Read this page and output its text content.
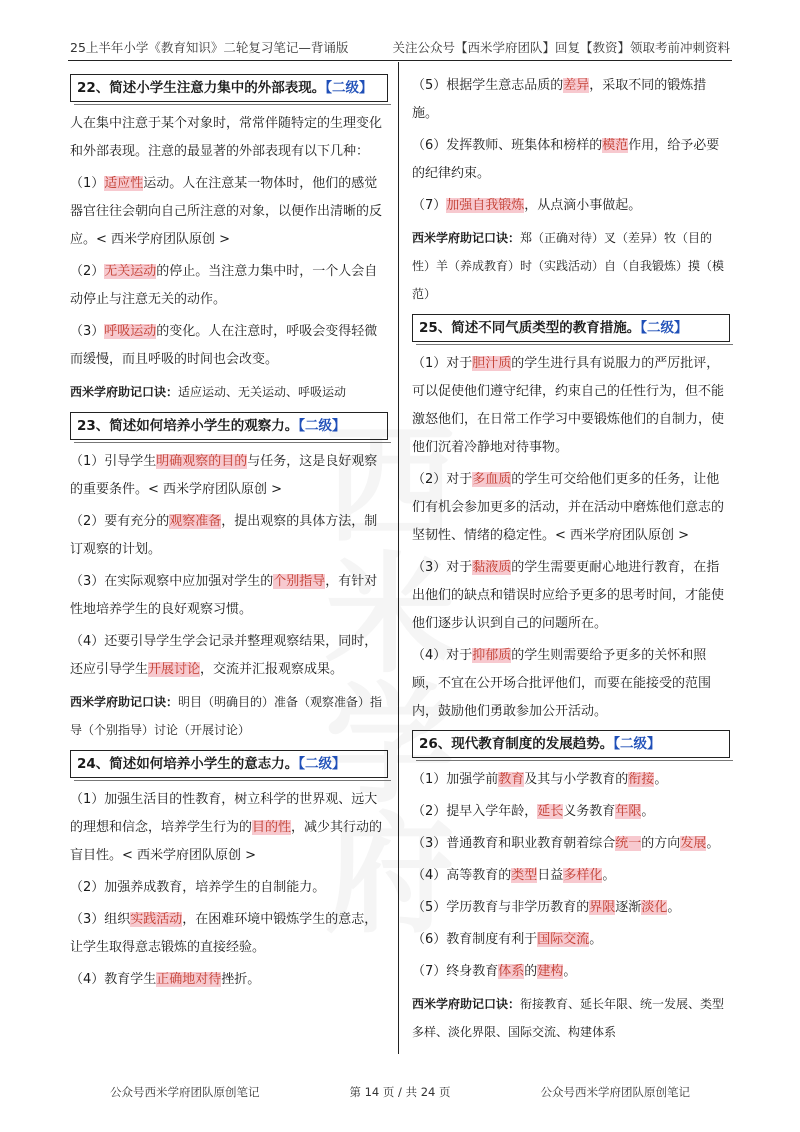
25上半年小学《教育知识》二轮复习笔记—背诵版	关注公众号【西米学府团队】回复【教资】领取考前冲刺资料
22、简述小学生注意力集中的外部表现。【二级】

人在集中注意于某个对象时，常常伴随特定的生理变化和外部表现。注意的最显著的外部表现有以下几种：

（1）适应性运动。人在注意某一物体时，他们的感觉器官往往会朝向自己所注意的对象，以便作出清晰的反应。< 西米学府团队原创 >

（2）无关运动的停止。当注意力集中时，一个人会自动停止与注意无关的动作。

（3）呼吸运动的变化。人在注意时，呼吸会变得轻微而缓慢，而且呼吸的时间也会改变。

西米学府助记口诀：适应运动、无关运动、呼吸运动
23、简述如何培养小学生的观察力。【二级】

（1）引导学生明确观察的目的与任务，这是良好观察的重要条件。< 西米学府团队原创 >

（2）要有充分的观察准备，提出观察的具体方法，制订观察的计划。

（3）在实际观察中应加强对学生的个别指导，有针对性地培养学生的良好观察习惯。

（4）还要引导学生学会记录并整理观察结果，同时，还应引导学生开展讨论，交流并汇报观察成果。

西米学府助记口诀：明目（明确目的）准备（观察准备）指导（个别指导）讨论（开展讨论）
24、简述如何培养小学生的意志力。【二级】

（1）加强生活目的性教育，树立科学的世界观、远大的理想和信念，培养学生行为的目的性，减少其行动的盲目性。< 西米学府团队原创 >

（2）加强养成教育，培养学生的自制能力。

（3）组织实践活动，在困难环境中锻炼学生的意志，让学生取得意志锻炼的直接经验。

（4）教育学生正确地对待挫折。

（5）根据学生意志品质的差异，采取不同的锻炼措施。

（6）发挥教师、班集体和榜样的模范作用，给予必要的纪律约束。

（7）加强自我锻炼，从点滴小事做起。

西米学府助记口诀：郑（正确对待）叉（差异）牧（目的性）羊（养成教育）时（实践活动）自（自我锻炼）摸（模范）
25、简述不同气质类型的教育措施。【二级】

（1）对于胆汁质的学生进行具有说服力的严厉批评，可以促使他们遵守纪律，约束自己的任性行为，但不能激怒他们，在日常工作学习中要锻炼他们的自制力，使他们沉着冷静地对待事物。

（2）对于多血质的学生可交给他们更多的任务，让他们有机会参加更多的活动，并在活动中磨炼他们意志的坚韧性、情绪的稳定性。< 西米学府团队原创 >

（3）对于黏液质的学生需要更耐心地进行教育，在指出他们的缺点和错误时应给予更多的思考时间，才能使他们逐步认识到自己的问题所在。

（4）对于抑郁质的学生则需要给予更多的关怀和照顾，不宜在公开场合批评他们，而要在能接受的范围内，鼓励他们勇敢参加公开活动。

26、现代教育制度的发展趋势。【二级】

（1）加强学前教育及其与小学教育的衔接。

（2）提早入学年龄，延长义务教育年限。

（3）普通教育和职业教育朝着综合统一的方向发展。

（4）高等教育的类型日益多样化。

（5）学历教育与非学历教育的界限逐渐淡化。

（6）教育制度有利于国际交流。

（7）终身教育体系的建构。

西米学府助记口诀：衔接教育、延长年限、统一发展、类型多样、淡化界限、国际交流、构建体系
公众号西米学府团队原创笔记	第 14 页 / 共 24 页	公众号西米学府团队原创笔记
